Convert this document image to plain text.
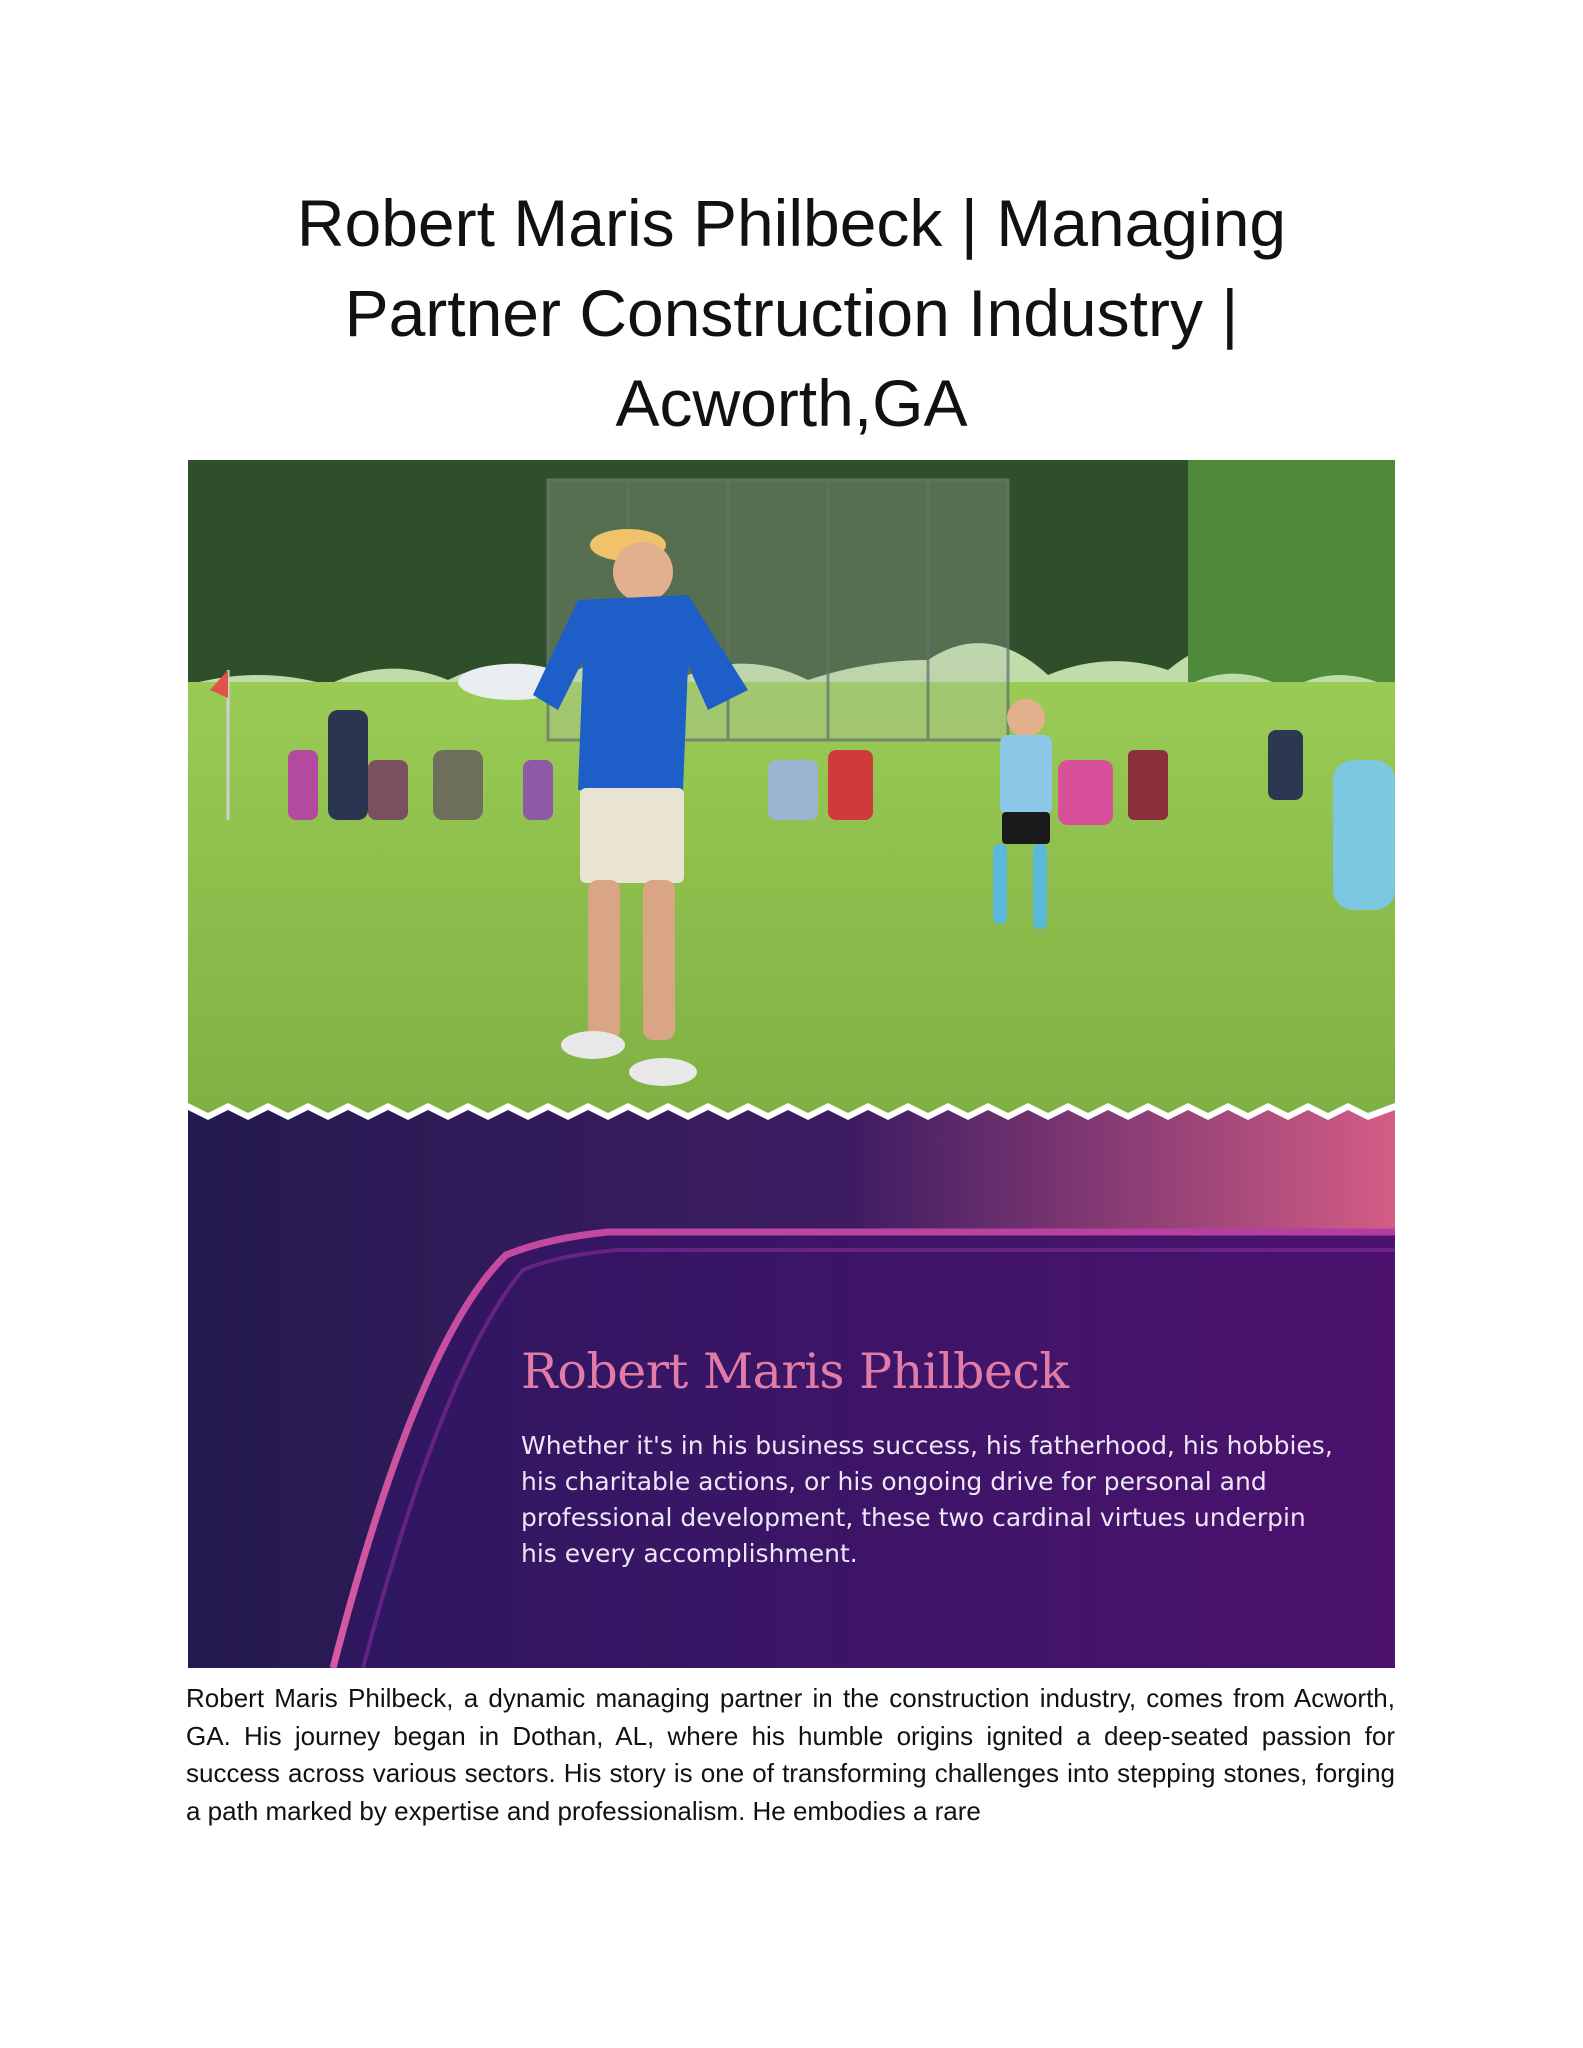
Robert Maris Philbeck | Managing Partner Construction Industry | Acworth,GA
Robert Maris Philbeck

Whether it's in his business success, his fatherhood, his hobbies, his charitable actions, or his ongoing drive for personal and professional development, these two cardinal virtues underpin his every accomplishment.

Robert Maris Philbeck, a dynamic managing partner in the construction industry, comes from Acworth, GA. His journey began in Dothan, AL, where his humble origins ignited a deep-seated passion for success across various sectors. His story is one of transforming challenges into stepping stones, forging a path marked by expertise and professionalism. He embodies a rare
